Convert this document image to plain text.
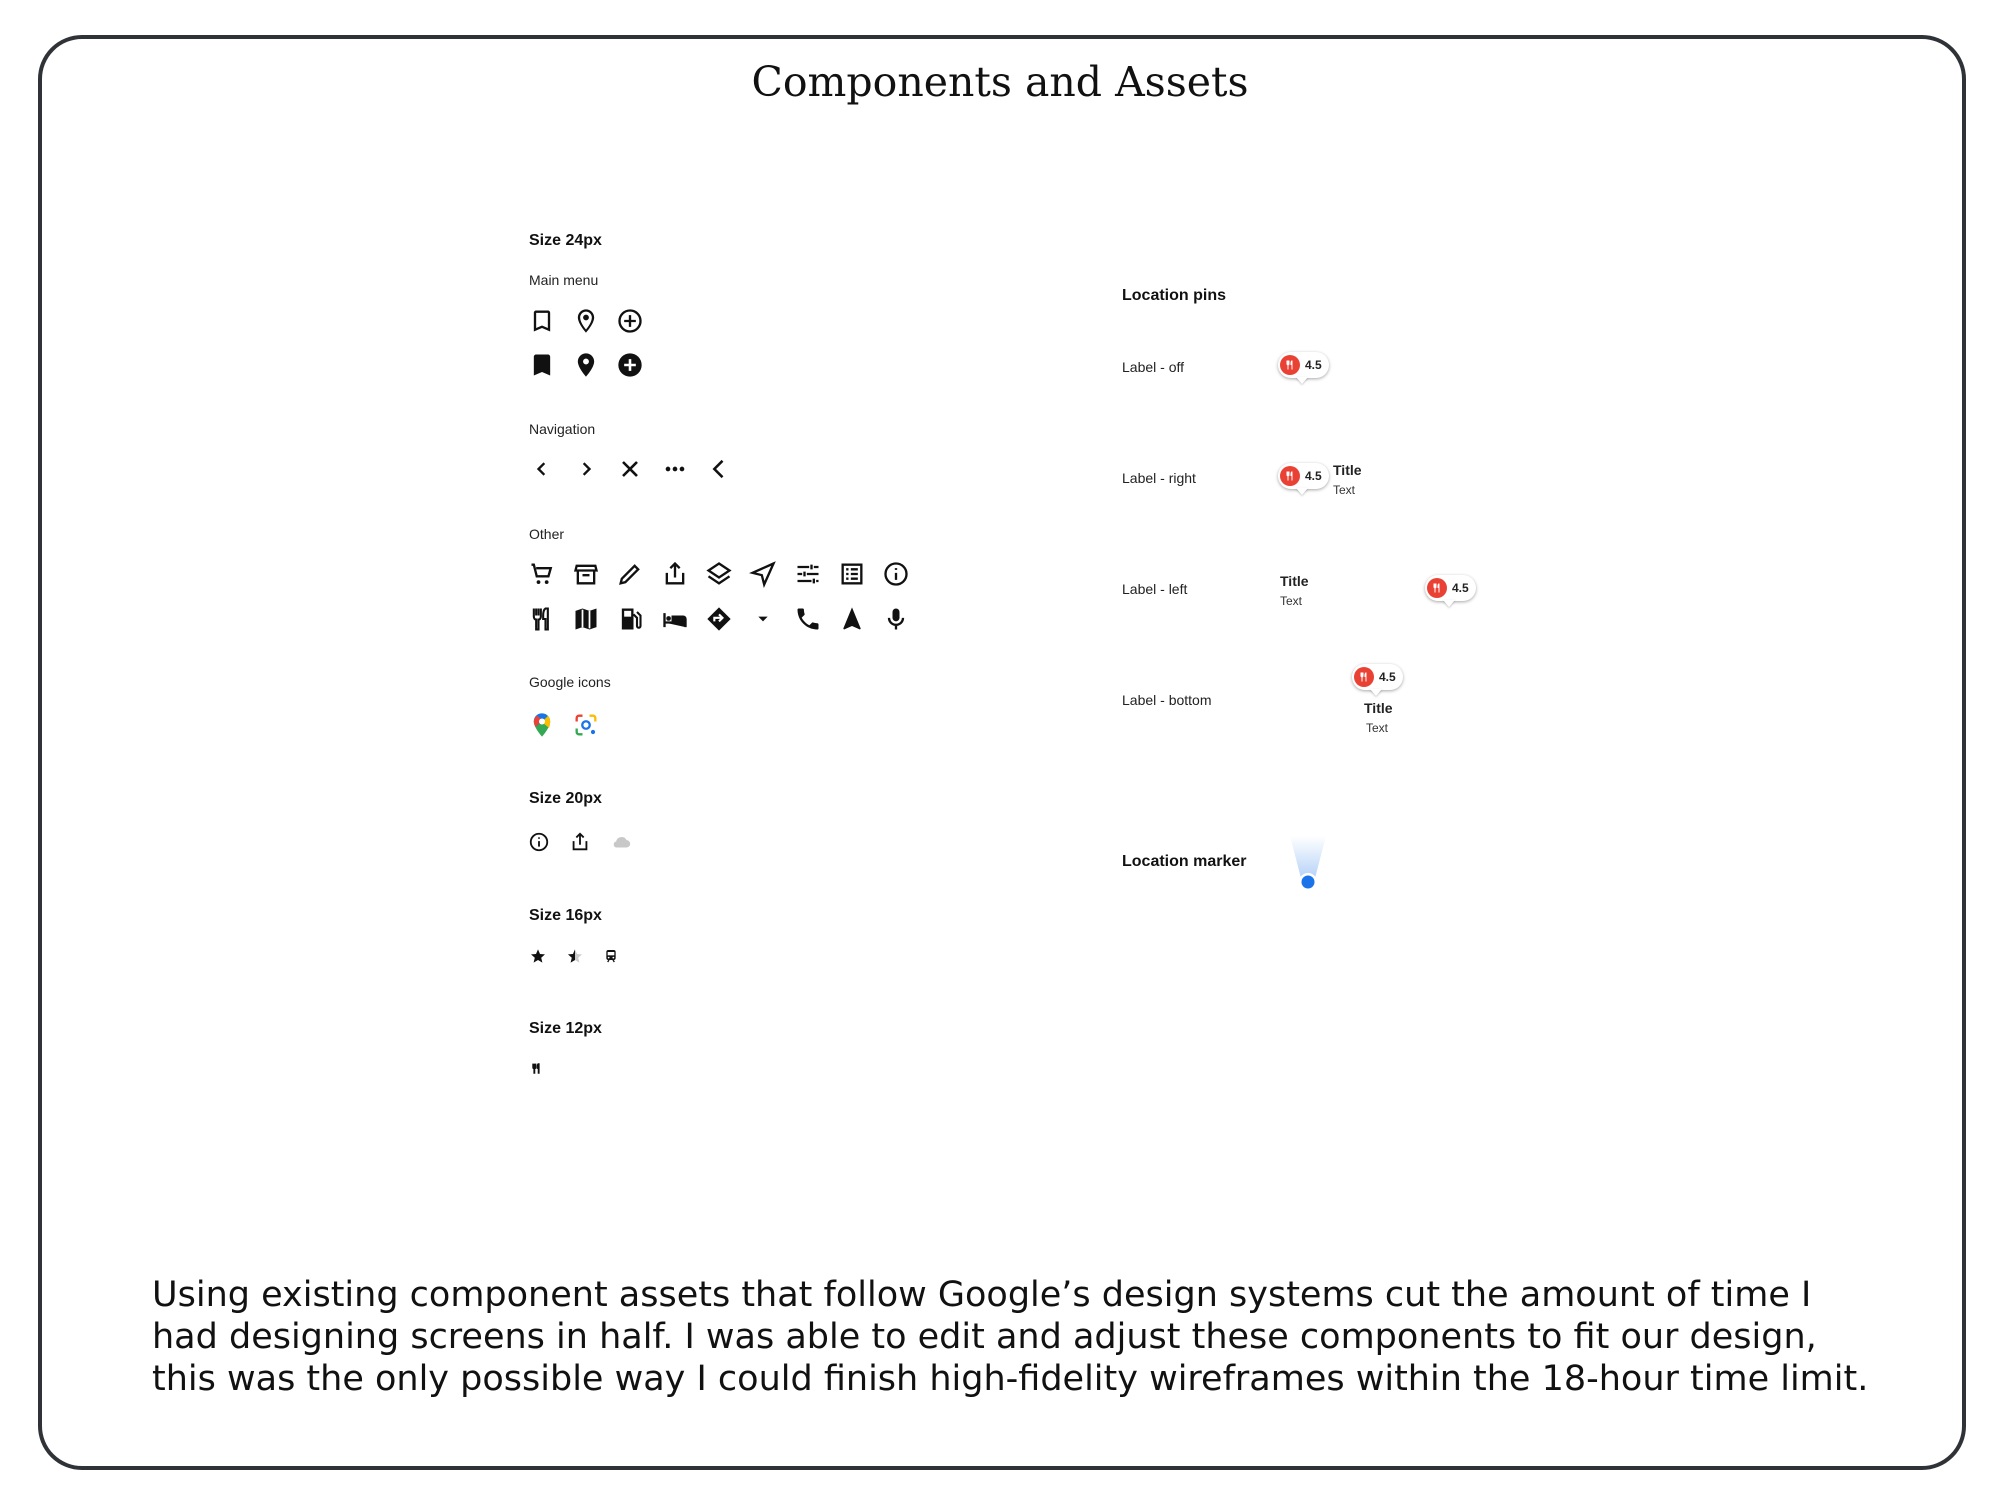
Components and Assets
Size 24px
Main menu
Navigation
Other
Google icons
Size 20px
Size 16px
Size 12px
Location pins
Label - off	4.5
Label - right	4.5 Title
Text
Label - left	Title
Text
4.5
Label - bottom
4.5
Title
Text
Location marker
Using existing component assets that follow Google’s design systems cut the amount of time I had designing screens in half. I was able to edit and adjust these components to fit our design, this was the only possible way I could finish high-fidelity wireframes within the 18-hour time limit.
